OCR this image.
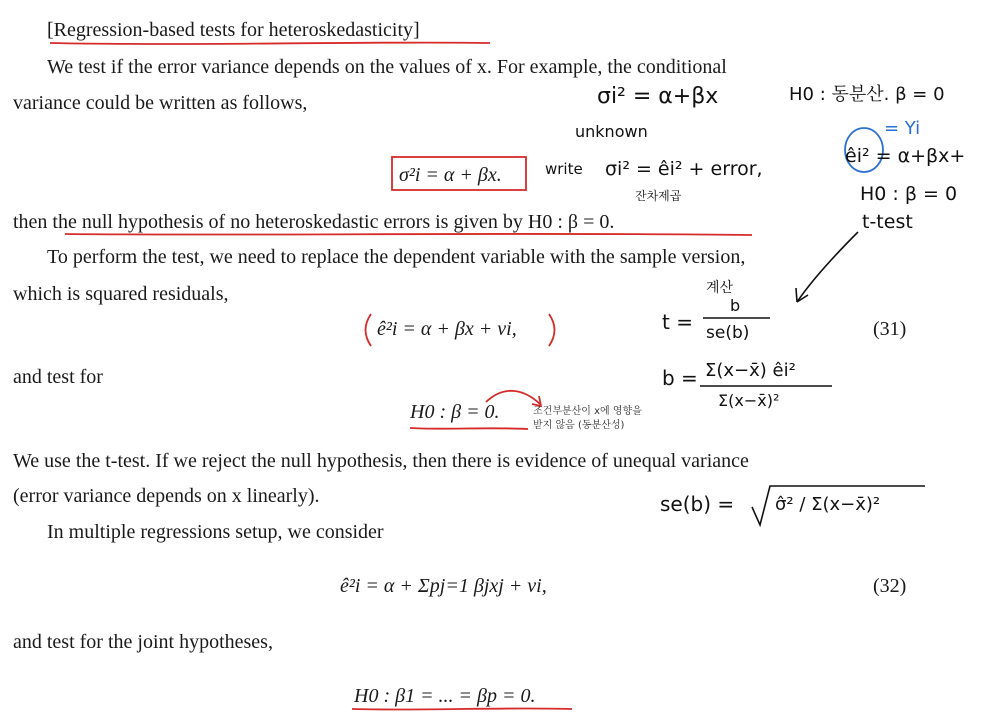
[Regression-based tests for heteroskedasticity]
We test if the error variance depends on the values of x. For example, the conditional
variance could be written as follows,
σ²i = α + βx.
then the null hypothesis of no heteroskedastic errors is given by H0 : β = 0.
To perform the test, we need to replace the dependent variable with the sample version,
which is squared residuals,
ê²i = α + βx + vi,	(31)
and test for
H0 : β = 0.
We use the t-test. If we reject the null hypothesis, then there is evidence of unequal variance
(error variance depends on x linearly).
In multiple regressions setup, we consider
ê²i = α + Σpj=1 βjxj + vi,	(32)
and test for the joint hypotheses,
H0 : β1 = ... = βp = 0.
σi² = α+βx	H0 : 동분산. β = 0
unknown	= Yi
êi² = α+βx+
write σi² = êi² + error,
잔차제곱	H0 : β = 0
t-test
계산
b
t = se(b)
b = Σ(x−x̄) êi²
Σ(x−x̄)²
조건부분산이 x에 영향을
받지 않음 (동분산성)
se(b) = σ̂² / Σ(x−x̄)²
